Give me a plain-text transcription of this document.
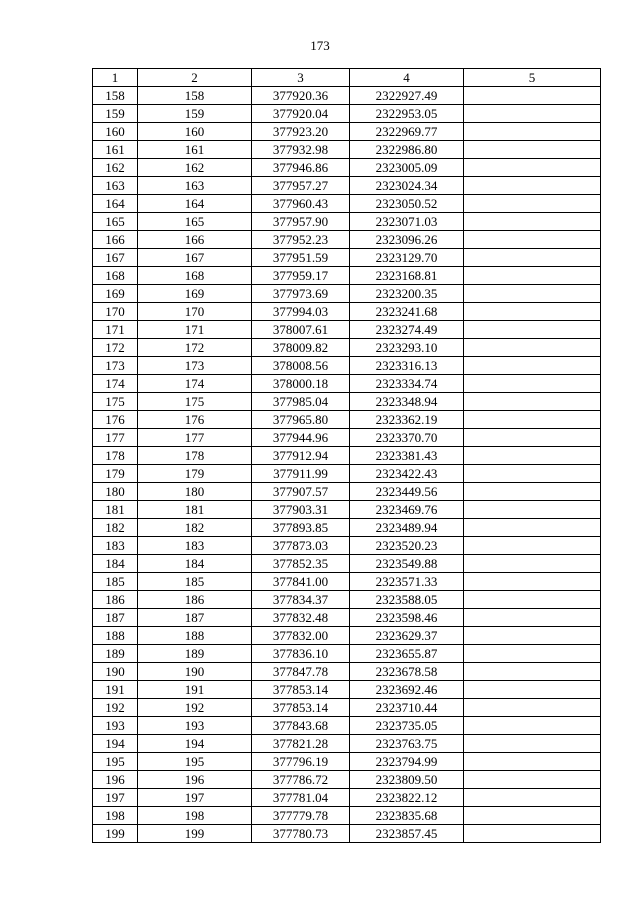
173
1	2	3	4	5
158	158	377920.36	2322927.49	
159	159	377920.04	2322953.05	
160	160	377923.20	2322969.77	
161	161	377932.98	2322986.80	
162	162	377946.86	2323005.09	
163	163	377957.27	2323024.34	
164	164	377960.43	2323050.52	
165	165	377957.90	2323071.03	
166	166	377952.23	2323096.26	
167	167	377951.59	2323129.70	
168	168	377959.17	2323168.81	
169	169	377973.69	2323200.35	
170	170	377994.03	2323241.68	
171	171	378007.61	2323274.49	
172	172	378009.82	2323293.10	
173	173	378008.56	2323316.13	
174	174	378000.18	2323334.74	
175	175	377985.04	2323348.94	
176	176	377965.80	2323362.19	
177	177	377944.96	2323370.70	
178	178	377912.94	2323381.43	
179	179	377911.99	2323422.43	
180	180	377907.57	2323449.56	
181	181	377903.31	2323469.76	
182	182	377893.85	2323489.94	
183	183	377873.03	2323520.23	
184	184	377852.35	2323549.88	
185	185	377841.00	2323571.33	
186	186	377834.37	2323588.05	
187	187	377832.48	2323598.46	
188	188	377832.00	2323629.37	
189	189	377836.10	2323655.87	
190	190	377847.78	2323678.58	
191	191	377853.14	2323692.46	
192	192	377853.14	2323710.44	
193	193	377843.68	2323735.05	
194	194	377821.28	2323763.75	
195	195	377796.19	2323794.99	
196	196	377786.72	2323809.50	
197	197	377781.04	2323822.12	
198	198	377779.78	2323835.68	
199	199	377780.73	2323857.45	
